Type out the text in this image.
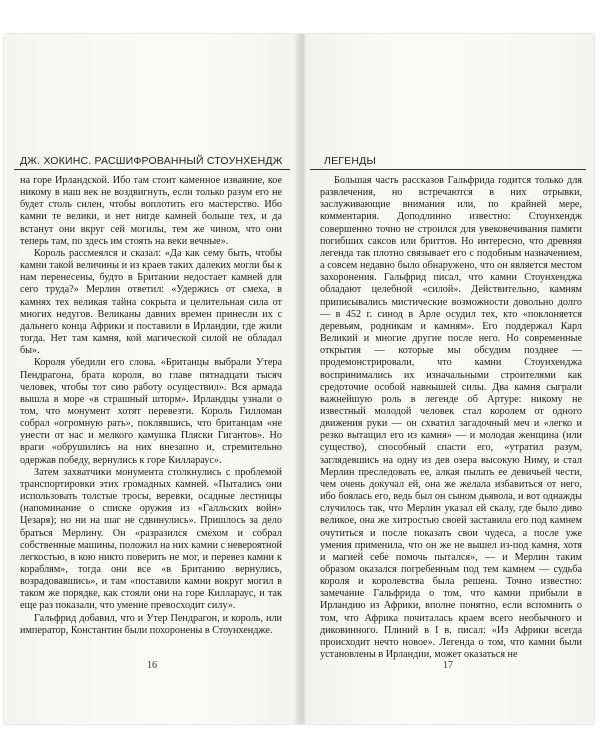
ДЖ. ХОКИНС. РАСШИФРОВАННЫЙ СТОУНХЕНДЖ

на горе Ирландской. Ибо там стоит каменное изваяние, кое никому в наш век не воздвигнуть, если только разум его не будет столь силен, чтобы воплотить его мастерство. Ибо камни те велики, и нет нигде камней больше тех, и да встанут они вкруг сей могилы, тем же чином, что они теперь там, по здесь им стоять на веки вечные».

Король рассмеялся и сказал: «Да как сему быть, чтобы камни такой величины и из краев таких далеких могли бы к нам перенесены, будто в Британии недостает камней для сего труда?» Мерлин ответил: «Удержись от смеха, в камнях тех великая тайна сокрыта и целительная сила от многих недугов. Великаны давних времен принесли их с дальнего конца Африки и поставили в Ирландии, где жили тогда. Нет там камня, кой магической силой не обладал бы».

Короля убедили его слова. «Британцы выбрали Утера Пендрагона, брата короля, во главе пятнадцати тысяч человек, чтобы тот сию работу осуществил». Вся армада вышла в море «в страшный шторм». Ирландцы узнали о том, что монумент хотят перевезти. Король Гилломан собрал «огромную рать», поклявшись, что британцам «не унести от нас и мелкого камушка Пляски Гигантов». Но враги «обрушились на них внезапно и, стремительно одержав победу, вернулись к горе Киллараус».

Затем захватчики монумента столкнулись с проблемой транспортировки этих громадных камней. «Пытались они использовать толстые тросы, веревки, осадные лестницы (напоминание о списке оружия из «Галльских войн» Цезаря); но ни на шаг не сдвинулись». Пришлось за дело браться Мерлину. Он «разразился смехом и собрал собственные машины, положил на них камни с невероятной легкостью, в кою никто поверить не мог, и перевез камни к кораблям», тогда они все «в Британию вернулись, возрадовавшись», и там «поставили камни вокруг могил в таком же порядке, как стояли они на горе Киллараус, и так еще раз показали, что умение превосходит силу».

Гальфрид добавил, что и Утер Пендрагон, и король, или император, Константин были похоронены в Стоунхендже.

16
ЛЕГЕНДЫ

Большая часть рассказов Гальфрида годится только для развлечения, но встречаются в них отрывки, заслуживающие внимания или, по крайней мере, комментария. Доподлинно известно: Стоунхендж совершенно точно не строился для увековечивания памяти погибших саксов или бриттов. Но интересно, что древняя легенда так плотно связывает его с подобным назначением, а совсем недавно было обнаружено, что он является местом захоронения. Гальфрид писал, что камни Стоунхенджа обладают целебной «силой». Действительно, камням приписывались мистические возможности довольно долго — в 452 г. синод в Арле осудил тех, кто «поклоняется деревьям, родникам и камням». Его поддержал Карл Великий и многие другие после него. Но современные открытия — которые мы обсудим позднее — продемонстрировали, что камни Стоунхенджа воспринимались их изначальными строителями как средоточие особой навнышей силы. Два камня сыграли важнейшую роль в легенде об Артуре: никому не известный молодой человек стал королем от одного движения руки — он схватил загадочный меч и «легко и резко вытащил его из камня» — и молодая женщина (или существо), способный спасти его, «утратил разум, заглядевшись на одну из дев озера высокую Ниму, и стал Мерлин преследовать ее, алкая пылать ее девичьей чести, чем очень докучал ей, она же желала избавиться от него, ибо боялась его, ведь был он сыном дьявола, и вот однажды случилось так, что Мерлин указал ей скалу, где было диво великое, она же хитростью своей заставила его под камнем очутиться и после показать свои чудеса, а после уже умения применила, что он же не вышел из-под камня, хотя и магией себе помочь пытался», — и Мерлин таким образом оказался погребенным под тем камнем — судьба короля и королевства была решена. Точно известно: замечание Гальфрида о том, что камни прибыли в Ирландию из Африки, вполне понятно, если вспомнить о том, что Африка почиталась краем всего необычного и диковинного. Плиний в I в. писал: «Из Африки всегда происходит нечто новое». Легенда о том, что камни были установлены в Ирландии, может оказаться не

17
